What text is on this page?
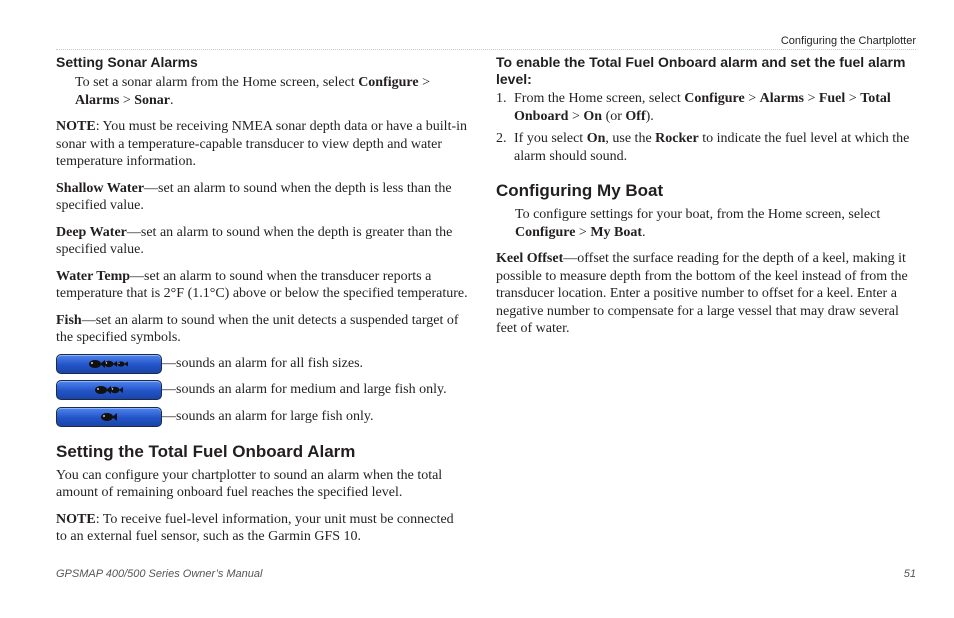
Configuring the Chartplotter
Setting Sonar Alarms

To set a sonar alarm from the Home screen, select Configure > Alarms > Sonar.

NOTE: You must be receiving NMEA sonar depth data or have a built-in sonar with a temperature-capable transducer to view depth and water temperature information.

Shallow Water—set an alarm to sound when the depth is less than the specified value.

Deep Water—set an alarm to sound when the depth is greater than the specified value.

Water Temp—set an alarm to sound when the transducer reports a temperature that is 2°F (1.1°C) above or below the specified temperature.

Fish—set an alarm to sound when the unit detects a suspended target of the specified symbols.

—sounds an alarm for all fish sizes.
—sounds an alarm for medium and large fish only.
—sounds an alarm for large fish only.
Setting the Total Fuel Onboard Alarm

You can configure your chartplotter to sound an alarm when the total amount of remaining onboard fuel reaches the specified level.

NOTE: To receive fuel-level information, your unit must be connected to an external fuel sensor, such as the Garmin GFS 10.

To enable the Total Fuel Onboard alarm and set the fuel alarm level:
1. From the Home screen, select Configure > Alarms > Fuel > Total Onboard > On (or Off).
2. If you select On, use the Rocker to indicate the fuel level at which the alarm should sound.
Configuring My Boat

To configure settings for your boat, from the Home screen, select Configure > My Boat.

Keel Offset—offset the surface reading for the depth of a keel, making it possible to measure depth from the bottom of the keel instead of from the transducer location. Enter a positive number to offset for a keel. Enter a negative number to compensate for a large vessel that may draw several feet of water.

GPSMAP 400/500 Series Owner’s Manual	51
